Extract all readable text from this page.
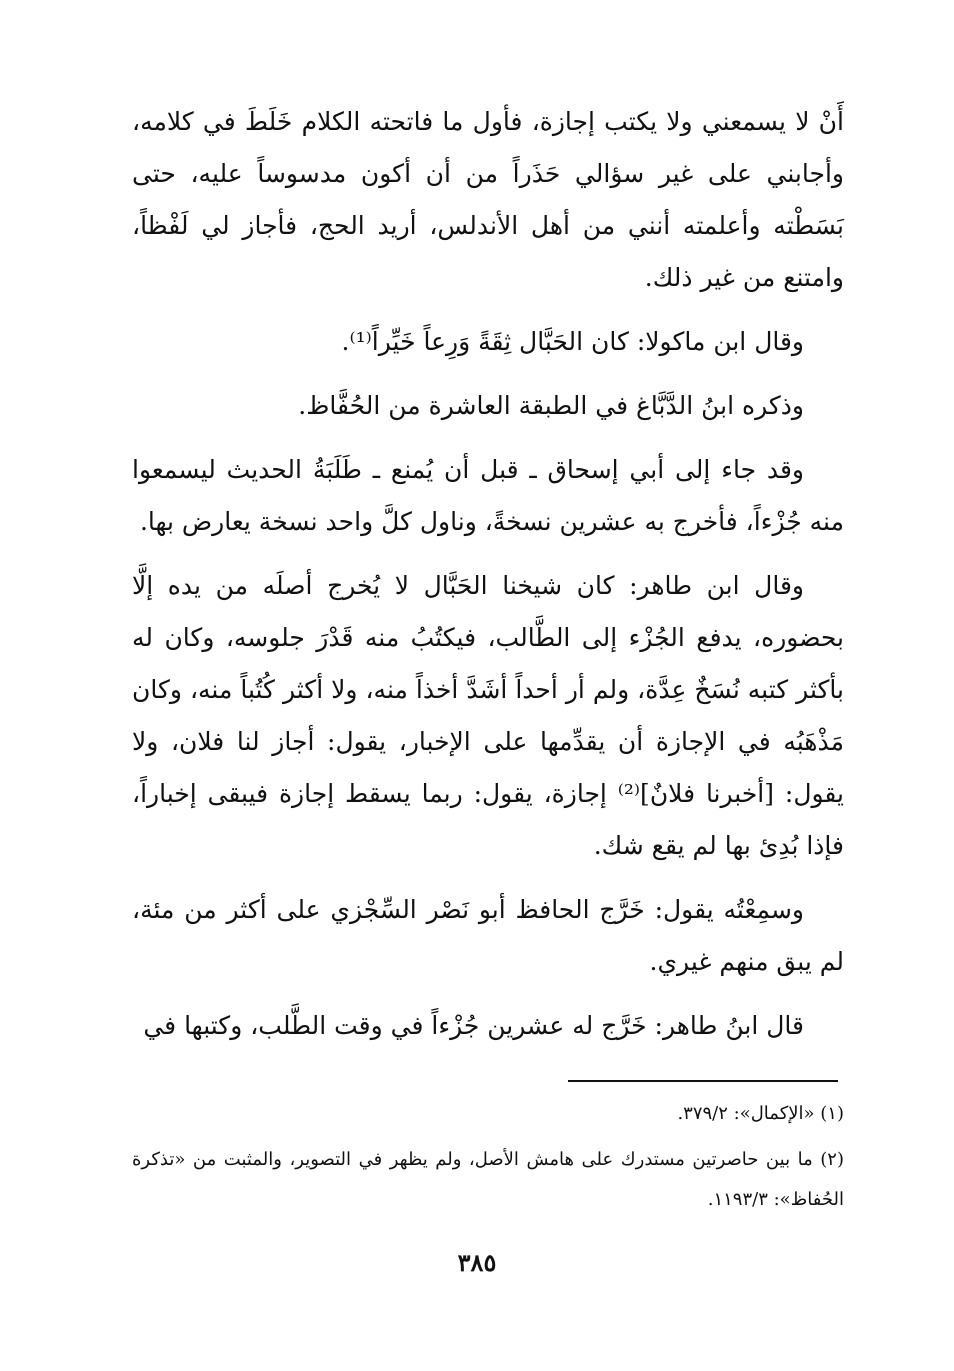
أَنْ لا يسمعني ولا يكتب إجازة، فأول ما فاتحته الكلام خَلَطَ في كلامه، وأجابني على غير سؤالي حَذَراً من أن أكون مدسوساً عليه، حتى بَسَطْته وأعلمته أنني من أهل الأندلس، أريد الحج، فأجاز لي لَفْظاً، وامتنع من غير ذلك.

وقال ابن ماكولا: كان الحَبَّال ثِقَةً وَرِعاً خَيِّراً⁽¹⁾.

وذكره ابنُ الدَّبَّاغ في الطبقة العاشرة من الحُفَّاظ.

وقد جاء إلى أبي إسحاق ـ قبل أن يُمنع ـ طَلَبَةُ الحديث ليسمعوا منه جُزْءاً، فأخرج به عشرين نسخةً، وناول كلَّ واحد نسخة يعارض بها.

وقال ابن طاهر: كان شيخنا الحَبَّال لا يُخرج أصلَه من يده إلَّا بحضوره، يدفع الجُزْء إلى الطَّالب، فيكتُبُ منه قَدْرَ جلوسه، وكان له بأكثر كتبه نُسَخٌ عِدَّة، ولم أر أحداً أشَدَّ أخذاً منه، ولا أكثر كُتُباً منه، وكان مَذْهَبُه في الإجازة أن يقدِّمها على الإخبار، يقول: أجاز لنا فلان، ولا يقول: [أخبرنا فلانٌ]⁽²⁾ إجازة، يقول: ربما يسقط إجازة فيبقى إخباراً، فإذا بُدِئ بها لم يقع شك.

وسمِعْتُه يقول: خَرَّج الحافظ أبو نَصْر السِّجْزي على أكثر من مئة، لم يبق منهم غيري.

قال ابنُ طاهر: خَرَّج له عشرين جُزْءاً في وقت الطَّلب، وكتبها في

(١) «الإكمال»: ٣٧٩/٢.

(٢) ما بين حاصرتين مستدرك على هامش الأصل، ولم يظهر في التصوير، والمثبت من «تذكرة الحُفاظ»: ١١٩٣/٣.

٣٨٥
